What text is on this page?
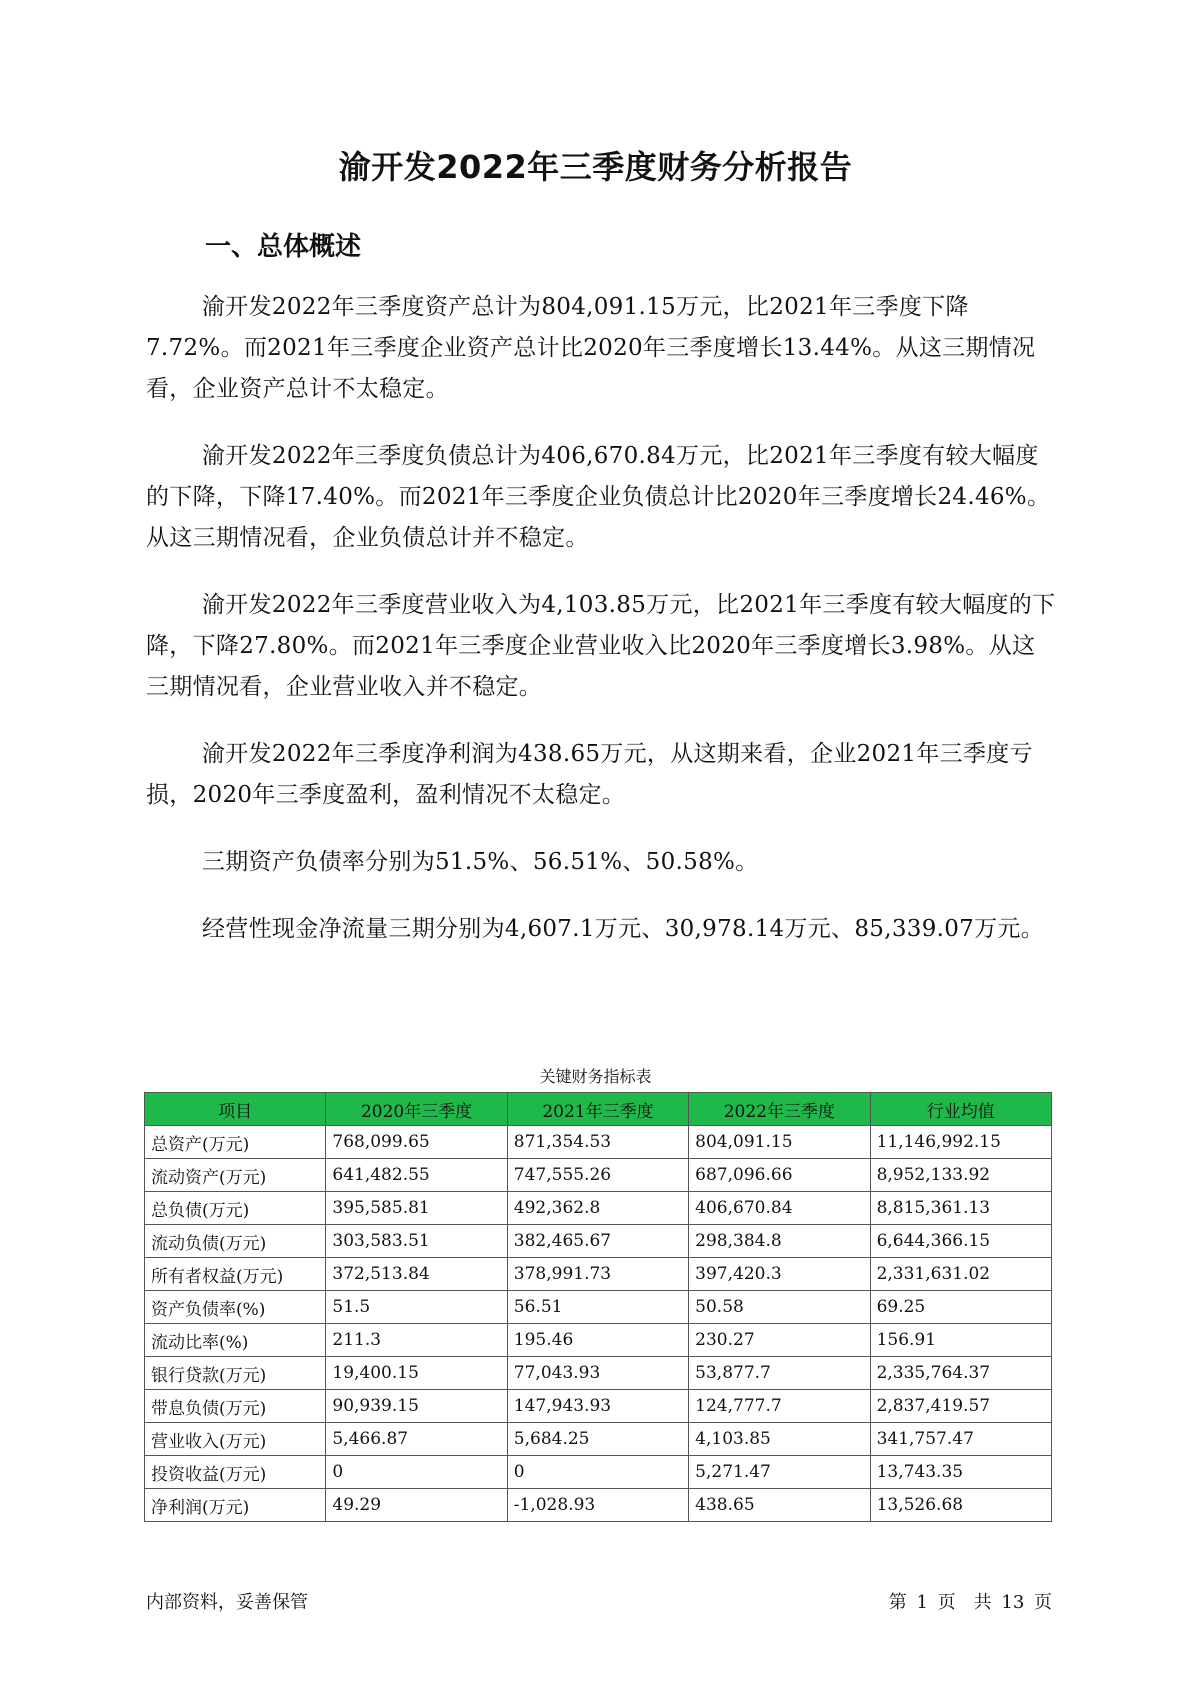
渝开发2022年三季度财务分析报告
一、总体概述

渝开发2022年三季度资产总计为804,091.15万元，比2021年三季度下降7.72%。而2021年三季度企业资产总计比2020年三季度增长13.44%。从这三期情况看，企业资产总计不太稳定。

渝开发2022年三季度负债总计为406,670.84万元，比2021年三季度有较大幅度的下降，下降17.40%。而2021年三季度企业负债总计比2020年三季度增长24.46%。从这三期情况看，企业负债总计并不稳定。

渝开发2022年三季度营业收入为4,103.85万元，比2021年三季度有较大幅度的下降，下降27.80%。而2021年三季度企业营业收入比2020年三季度增长3.98%。从这三期情况看，企业营业收入并不稳定。

渝开发2022年三季度净利润为438.65万元，从这期来看，企业2021年三季度亏损，2020年三季度盈利，盈利情况不太稳定。

三期资产负债率分别为51.5%、56.51%、50.58%。

经营性现金净流量三期分别为4,607.1万元、30,978.14万元、85,339.07万元。

关键财务指标表
项目	2020年三季度	2021年三季度	2022年三季度	行业均值
总资产(万元)	768,099.65	871,354.53	804,091.15	11,146,992.15
流动资产(万元)	641,482.55	747,555.26	687,096.66	8,952,133.92
总负债(万元)	395,585.81	492,362.8	406,670.84	8,815,361.13
流动负债(万元)	303,583.51	382,465.67	298,384.8	6,644,366.15
所有者权益(万元)	372,513.84	378,991.73	397,420.3	2,331,631.02
资产负债率(%)	51.5	56.51	50.58	69.25
流动比率(%)	211.3	195.46	230.27	156.91
银行贷款(万元)	19,400.15	77,043.93	53,877.7	2,335,764.37
带息负债(万元)	90,939.15	147,943.93	124,777.7	2,837,419.57
营业收入(万元)	5,466.87	5,684.25	4,103.85	341,757.47
投资收益(万元)	0	0	5,271.47	13,743.35
净利润(万元)	49.29	-1,028.93	438.65	13,526.68
内部资料，妥善保管	第 1 页　共 13 页
